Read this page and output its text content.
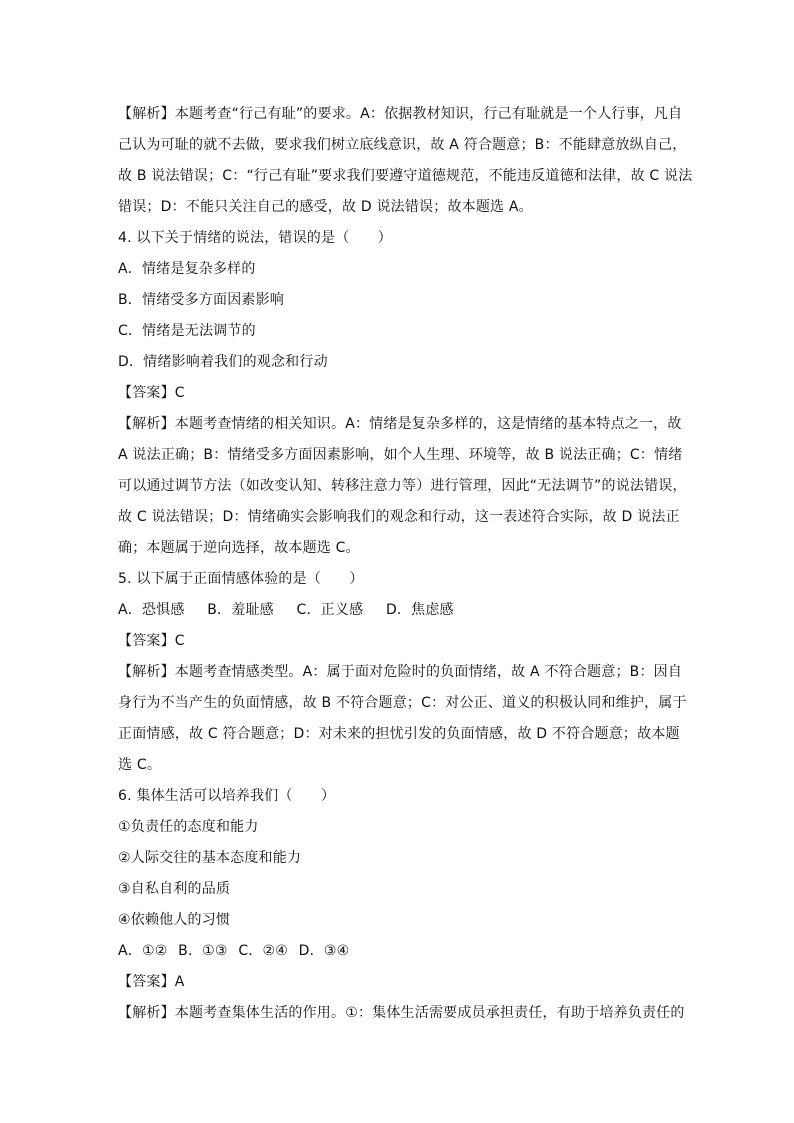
【解析】本题考查“行己有耻”的要求。A：依据教材知识，行己有耻就是一个人行事，凡自
己认为可耻的就不去做，要求我们树立底线意识，故 A 符合题意；B：不能肆意放纵自己，
故 B 说法错误；C：“行己有耻”要求我们要遵守道德规范，不能违反道德和法律，故 C 说法
错误；D：不能只关注自己的感受，故 D 说法错误；故本题选 A。
4. 以下关于情绪的说法，错误的是（　　）
A．情绪是复杂多样的
B．情绪受多方面因素影响
C．情绪是无法调节的
D．情绪影响着我们的观念和行动
【答案】C
【解析】本题考查情绪的相关知识。A：情绪是复杂多样的，这是情绪的基本特点之一，故
A 说法正确；B：情绪受多方面因素影响，如个人生理、环境等，故 B 说法正确；C：情绪
可以通过调节方法（如改变认知、转移注意力等）进行管理，因此“无法调节”的说法错误，
故 C 说法错误；D：情绪确实会影响我们的观念和行动，这一表述符合实际，故 D 说法正
确；本题属于逆向选择，故本题选 C。
5. 以下属于正面情感体验的是（　　）
A．恐惧感 B．羞耻感 C．正义感 D．焦虑感
【答案】C
【解析】本题考查情感类型。A：属于面对危险时的负面情绪，故 A 不符合题意；B：因自
身行为不当产生的负面情感，故 B 不符合题意；C：对公正、道义的积极认同和维护，属于
正面情感，故 C 符合题意；D：对未来的担忧引发的负面情感，故 D 不符合题意；故本题
选 C。
6. 集体生活可以培养我们（　　）
①负责任的态度和能力
②人际交往的基本态度和能力
③自私自利的品质
④依赖他人的习惯
A．①② B．①③ C．②④ D．③④
【答案】A
【解析】本题考查集体生活的作用。①：集体生活需要成员承担责任，有助于培养负责任的
